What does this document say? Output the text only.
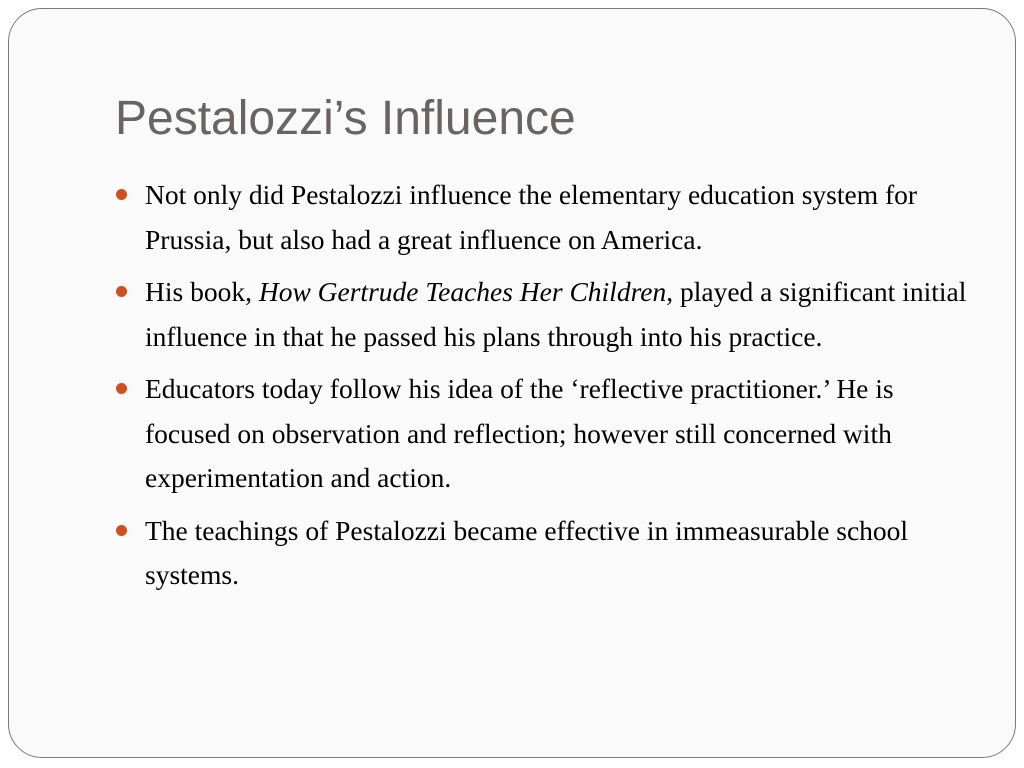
Pestalozzi’s Influence
Not only did Pestalozzi influence the elementary education system for Prussia, but also had a great influence on America.
His book, How Gertrude Teaches Her Children, played a significant initial influence in that he passed his plans through into his practice.
Educators today follow his idea of the ‘reflective practitioner.’ He is focused on observation and reflection; however still concerned with experimentation and action.
The teachings of Pestalozzi became effective in immeasurable school systems.
